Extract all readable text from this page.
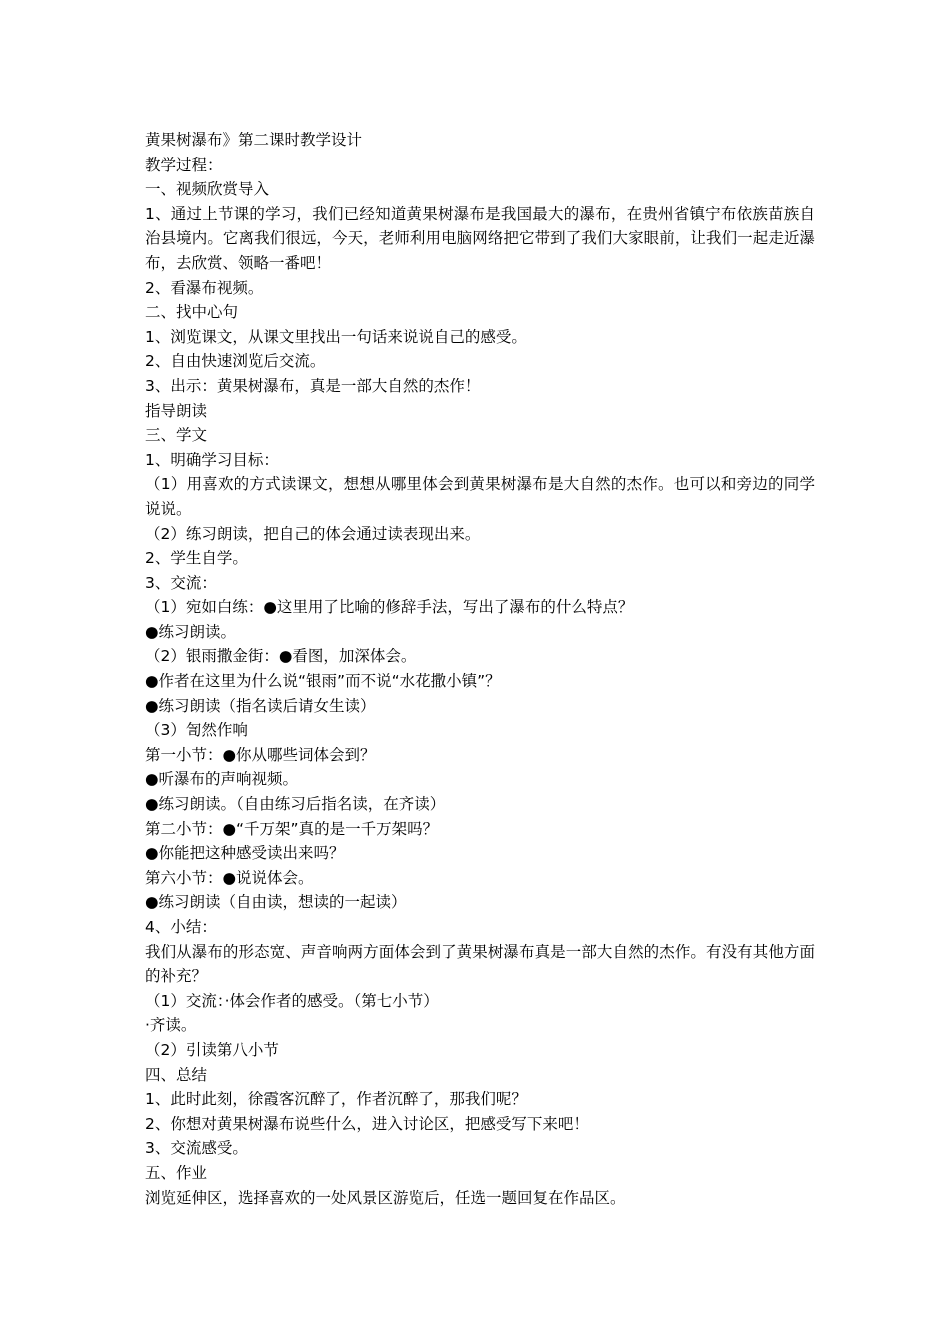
黄果树瀑布》第二课时教学设计

教学过程：

一、视频欣赏导入

1、通过上节课的学习，我们已经知道黄果树瀑布是我国最大的瀑布，在贵州省镇宁布依族苗族自治县境内。它离我们很远，今天，老师利用电脑网络把它带到了我们大家眼前，让我们一起走近瀑布，去欣赏、领略一番吧！

2、看瀑布视频。

二、找中心句

1、浏览课文，从课文里找出一句话来说说自己的感受。

2、自由快速浏览后交流。

3、出示：黄果树瀑布，真是一部大自然的杰作！

指导朗读

三、学文

1、明确学习目标：

（1）用喜欢的方式读课文，想想从哪里体会到黄果树瀑布是大自然的杰作。也可以和旁边的同学说说。

（2）练习朗读，把自己的体会通过读表现出来。

2、学生自学。

3、交流：

（1）宛如白练：●这里用了比喻的修辞手法，写出了瀑布的什么特点？

●练习朗读。

（2）银雨撒金街：●看图，加深体会。

●作者在这里为什么说“银雨”而不说“水花撒小镇”？

●练习朗读（指名读后请女生读）

（3）訇然作响

第一小节：●你从哪些词体会到？

●听瀑布的声响视频。

●练习朗读。（自由练习后指名读，在齐读）

第二小节：●“千万架”真的是一千万架吗？

●你能把这种感受读出来吗？

第六小节：●说说体会。

●练习朗读（自由读，想读的一起读）

4、小结：

我们从瀑布的形态宽、声音响两方面体会到了黄果树瀑布真是一部大自然的杰作。有没有其他方面的补充？

（1）交流：·体会作者的感受。（第七小节）

·齐读。

（2）引读第八小节

四、总结

1、此时此刻，徐霞客沉醉了，作者沉醉了，那我们呢？

2、你想对黄果树瀑布说些什么，进入讨论区，把感受写下来吧！

3、交流感受。

五、作业

浏览延伸区，选择喜欢的一处风景区游览后，任选一题回复在作品区。
